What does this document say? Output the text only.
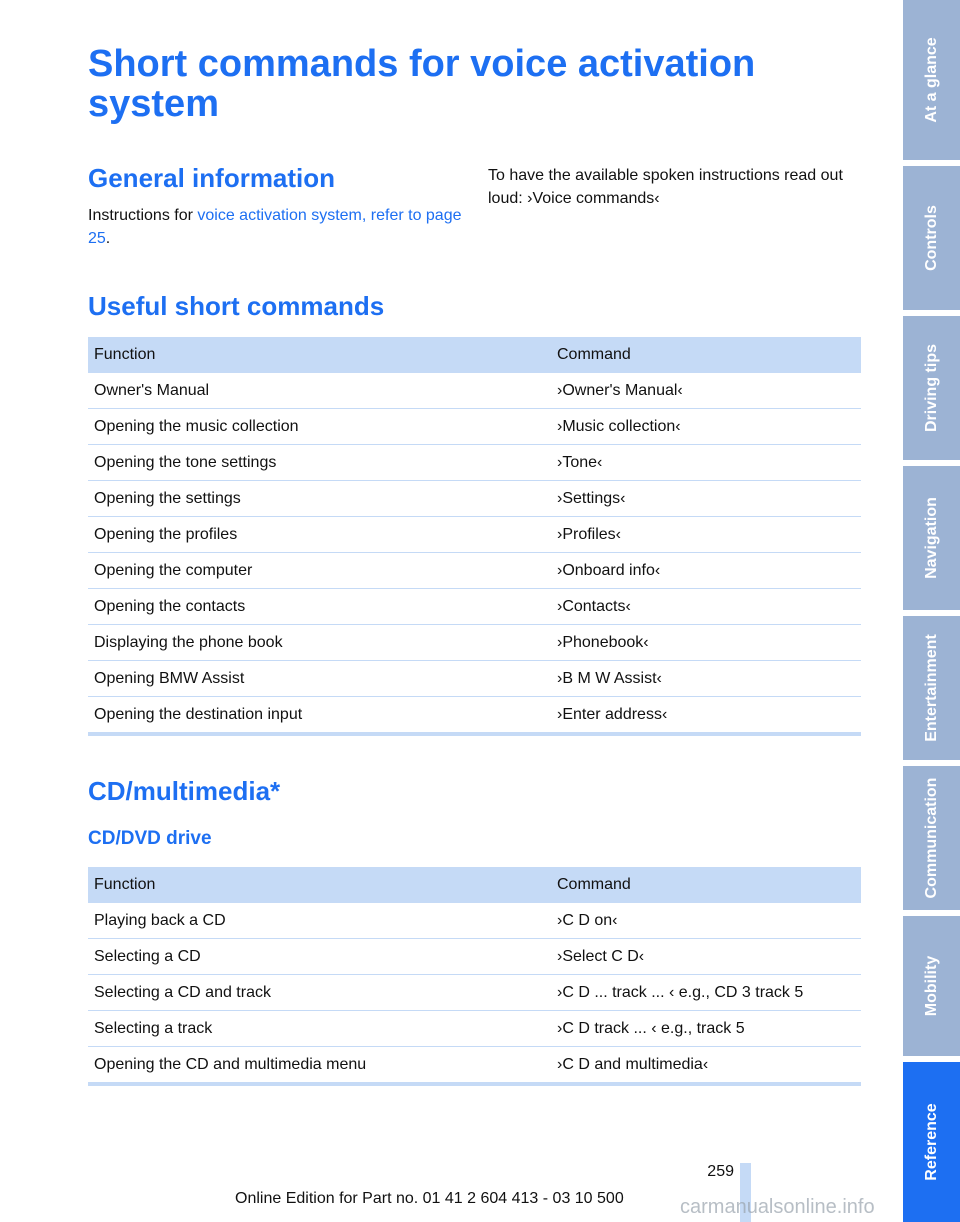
Short commands for voice activation system
General information

Instructions for voice activation system, refer to page 25.

To have the available spoken instructions read out loud: ›Voice commands‹

Useful short commands
Function	Command
Owner's Manual	›Owner's Manual‹
Opening the music collection	›Music collection‹
Opening the tone settings	›Tone‹
Opening the settings	›Settings‹
Opening the profiles	›Profiles‹
Opening the computer	›Onboard info‹
Opening the contacts	›Contacts‹
Displaying the phone book	›Phonebook‹
Opening BMW Assist	›B M W Assist‹
Opening the destination input	›Enter address‹
CD/multimedia*
CD/DVD drive
Function	Command
Playing back a CD	›C D on‹
Selecting a CD	›Select C D‹
Selecting a CD and track	›C D ... track ... ‹ e.g., CD 3 track 5
Selecting a track	›C D track ... ‹ e.g., track 5
Opening the CD and multimedia menu	›C D and multimedia‹
At a glance
Controls
Driving tips
Navigation
Entertainment
Communication
Mobility
Reference
259
Online Edition for Part no. 01 41 2 604 413 - 03 10 500	carmanualsonline.info
